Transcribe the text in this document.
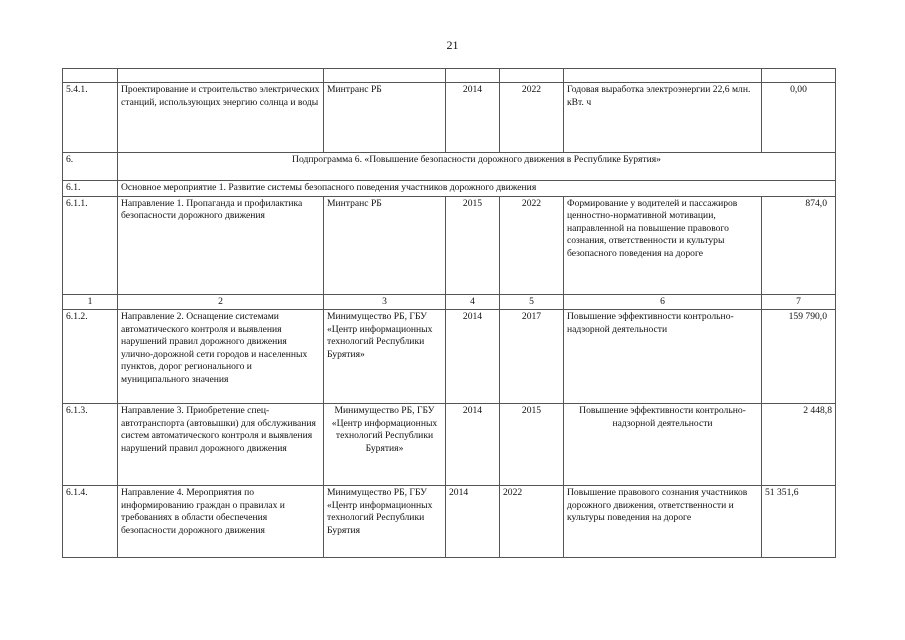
21

5.4.1.	Проектирование и строительство электрических станций, использующих энергию солнца и воды	Минтранс РБ	2014	2022	Годовая выработка электроэнергии 22,6 млн. кВт. ч	0,00
6.	Подпрограмма 6. «Повышение безопасности дорожного движения в Республике Бурятия»					
6.1.	Основное мероприятие 1. Развитие системы безопасного поведения участников дорожного движения					
6.1.1.	Направление 1. Пропаганда и профилактика безопасности дорожного движения	Минтранс РБ	2015	2022	Формирование у водителей и пассажиров ценностно-нормативной мотивации, направленной на повышение правового сознания, ответственности и культуры безопасного поведения на дороге	874,0
1	2	3	4	5	6	7
6.1.2.	Направление 2. Оснащение системами автоматического контроля и выявления нарушений правил дорожного движения улично-дорожной сети городов и населенных пунктов, дорог регионального и муниципального значения	Минимущество РБ, ГБУ «Центр информационных технологий Республики Бурятия»	2014	2017	Повышение эффективности контрольно-надзорной деятельности	159 790,0
6.1.3.	Направление 3. Приобретение спец-автотранспорта (автовышки) для обслуживания систем автоматического контроля и выявления нарушений правил дорожного движения	Минимущество РБ, ГБУ «Центр информационных технологий Республики Бурятия»	2014	2015	Повышение эффективности контрольно-надзорной деятельности	2 448,8
6.1.4.	Направление 4. Мероприятия по информированию граждан о правилах и требованиях в области обеспечения безопасности дорожного движения	Минимущество РБ, ГБУ «Центр информационных технологий Республики Бурятия	2014	2022	Повышение правового сознания участников дорожного движения, ответственности и культуры поведения на дороге	51 351,6
